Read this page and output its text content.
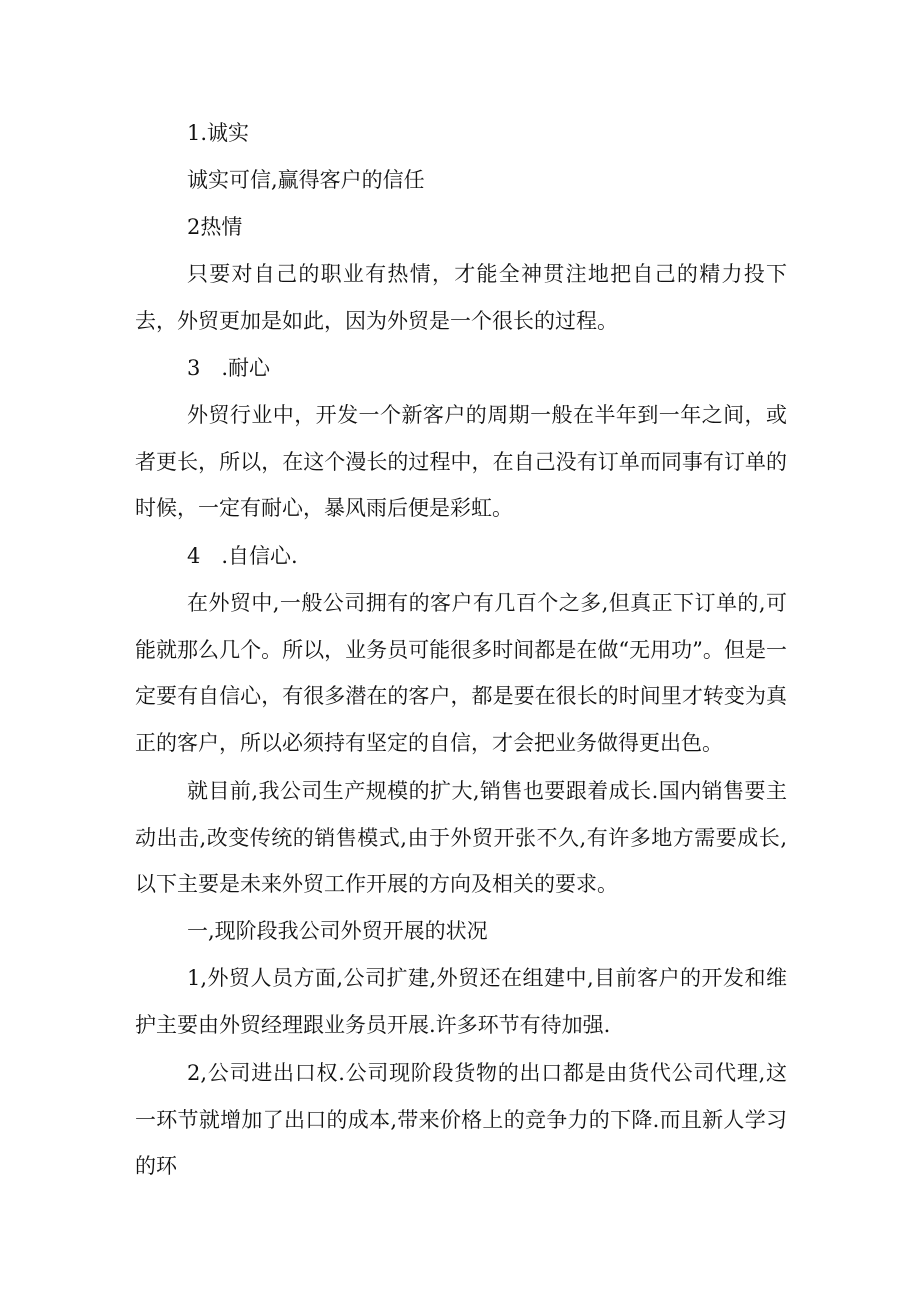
1.诚实

诚实可信,赢得客户的信任

2热情

只要对自己的职业有热情，才能全神贯注地把自己的精力投下去，外贸更加是如此，因为外贸是一个很长的过程。

3　.耐心

外贸行业中，开发一个新客户的周期一般在半年到一年之间，或者更长，所以，在这个漫长的过程中，在自己没有订单而同事有订单的时候，一定有耐心，暴风雨后便是彩虹。

4　.自信心.

在外贸中,一般公司拥有的客户有几百个之多,但真正下订单的,可能就那么几个。所以，业务员可能很多时间都是在做“无用功”。但是一定要有自信心，有很多潜在的客户，都是要在很长的时间里才转变为真正的客户，所以必须持有坚定的自信，才会把业务做得更出色。

就目前,我公司生产规模的扩大,销售也要跟着成长.国内销售要主动出击,改变传统的销售模式,由于外贸开张不久,有许多地方需要成长,以下主要是未来外贸工作开展的方向及相关的要求。

一,现阶段我公司外贸开展的状况

1,外贸人员方面,公司扩建,外贸还在组建中,目前客户的开发和维护主要由外贸经理跟业务员开展.许多环节有待加强.

2,公司进出口权.公司现阶段货物的出口都是由货代公司代理,这一环节就增加了出口的成本,带来价格上的竞争力的下降.而且新人学习的环
